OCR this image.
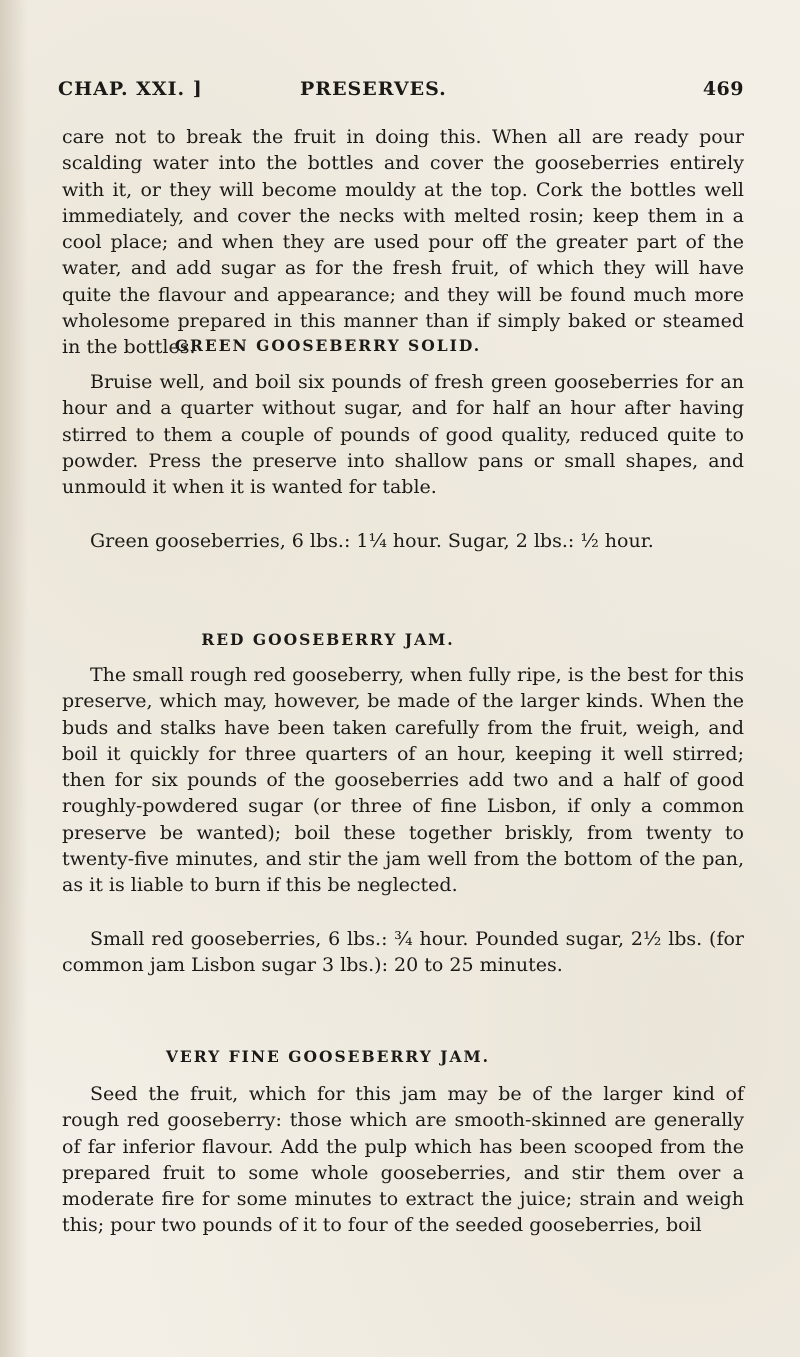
CHAP. XXI. ]	PRESERVES.	469

care not to break the fruit in doing this. When all are ready pour scalding water into the bottles and cover the gooseberries entirely with it, or they will become mouldy at the top. Cork the bottles well immediately, and cover the necks with melted rosin; keep them in a cool place; and when they are used pour off the greater part of the water, and add sugar as for the fresh fruit, of which they will have quite the flavour and appearance; and they will be found much more wholesome prepared in this manner than if simply baked or steamed in the bottles.

GREEN GOOSEBERRY SOLID.

Bruise well, and boil six pounds of fresh green gooseberries for an hour and a quarter without sugar, and for half an hour after having stirred to them a couple of pounds of good quality, reduced quite to powder. Press the preserve into shallow pans or small shapes, and unmould it when it is wanted for table.

Green gooseberries, 6 lbs.: 1¼ hour. Sugar, 2 lbs.: ½ hour.

RED GOOSEBERRY JAM.

The small rough red gooseberry, when fully ripe, is the best for this preserve, which may, however, be made of the larger kinds. When the buds and stalks have been taken carefully from the fruit, weigh, and boil it quickly for three quarters of an hour, keeping it well stirred; then for six pounds of the gooseberries add two and a half of good roughly-powdered sugar (or three of fine Lisbon, if only a common preserve be wanted); boil these together briskly, from twenty to twenty-five minutes, and stir the jam well from the bottom of the pan, as it is liable to burn if this be neglected.

Small red gooseberries, 6 lbs.: ¾ hour. Pounded sugar, 2½ lbs. (for common jam Lisbon sugar 3 lbs.): 20 to 25 minutes.

VERY FINE GOOSEBERRY JAM.

Seed the fruit, which for this jam may be of the larger kind of rough red gooseberry: those which are smooth-skinned are generally of far inferior flavour. Add the pulp which has been scooped from the prepared fruit to some whole gooseberries, and stir them over a moderate fire for some minutes to extract the juice; strain and weigh this; pour two pounds of it to four of the seeded gooseberries, boil
